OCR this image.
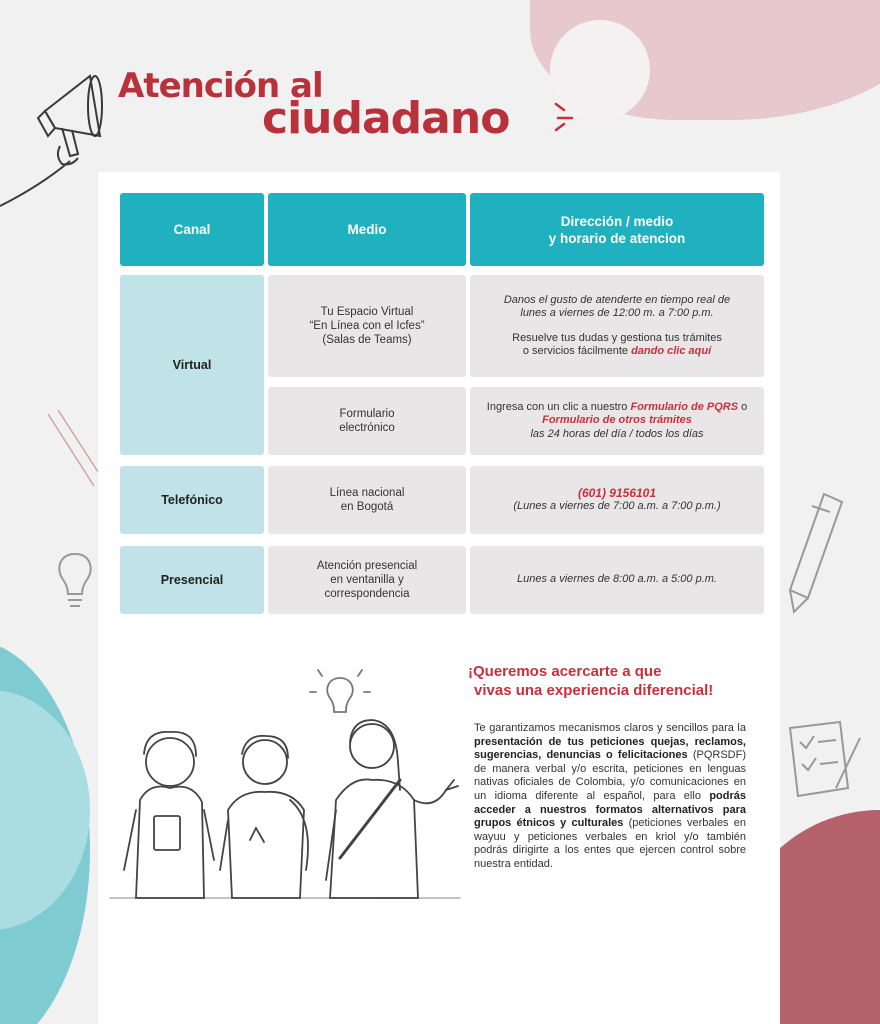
Atención al
ciudadano
Canal	Medio
Dirección / medio
y horario de atencion
Virtual
Tu Espacio Virtual
“En Línea con el Icfes”
(Salas de Teams)
Danos el gusto de atenderte en tiempo real de
lunes a viernes de 12:00 m. a 7:00 p.m.
Resuelve tus dudas y gestiona tus trámites
o servicios fácilmente dando clic aquí
Formulario
electrónico
Ingresa con un clic a nuestro Formulario de PQRS o Formulario de otros trámites
las 24 horas del día / todos los días
Telefónico	Línea nacional
en Bogotá
(601) 9156101
(Lunes a viernes de 7:00 a.m. a 7:00 p.m.)
Presencial
Atención presencial
en ventanilla y
correspondencia
Lunes a viernes de 8:00 a.m. a 5:00 p.m.
¡Queremos acercarte a que
vivas una experiencia diferencial!
Te garantizamos mecanismos claros y sencillos para la presentación de tus peticiones quejas, reclamos, sugerencias, denuncias o felicitaciones (PQRSDF) de manera verbal y/o escrita, peticiones en lenguas nativas oficiales de Colombia, y/o comunicaciones en un idioma diferente al español, para ello podrás acceder a nuestros formatos alternativos para grupos étnicos y culturales (peticiones verbales en wayuu y peticiones verbales en kriol y/o también podrás dirigirte a los entes que ejercen control sobre nuestra entidad.
